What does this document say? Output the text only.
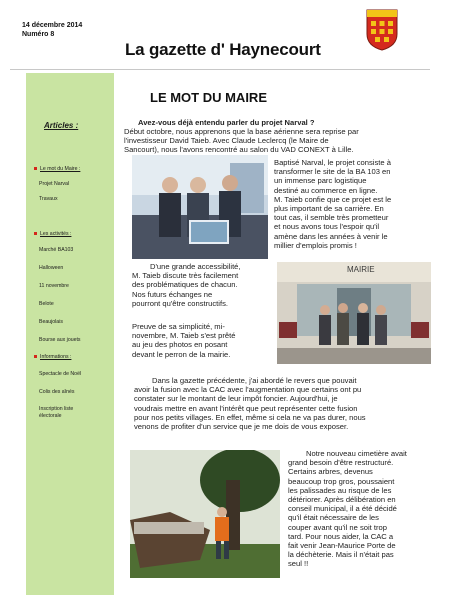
14 décembre 2014
Numéro 8
La gazette d' Haynecourt
Articles :
Le mot du Maire :
Projet Narval
Travaux
Les activités :
Marché BA103
Halloween
11 novembre
Belote
Beaujolais
Bourse aux jouets
Informations :
Spectacle de Noël
Colis des aînés
Inscription liste
électorale
LE MOT DU MAIRE
Avez-vous déjà entendu parler du projet Narval ?
Début octobre, nous apprenons que la base aérienne sera reprise par
l'investisseur David Taieb. Avec Claude Leclercq (le Maire de
Sancourt), nous l'avons rencontré au salon du VAD CONEXT à Lille.
Baptisé Narval, le projet consiste à
transformer le site de la BA 103 en
un immense parc logistique
destiné au commerce en ligne.
M. Taieb confie que ce projet est le
plus important de sa carrière. En
tout cas, il semble très prometteur
et nous avons tous l'espoir qu'il
amène dans les années à venir le
millier d'emplois promis !
D'une grande accessibilité,
M. Taieb discute très facilement
des problématiques de chacun.
Nos futurs échanges ne
pourront qu'être constructifs.
Preuve de sa simplicité, mi-
novembre, M. Taieb s'est prêté
au jeu des photos en posant
devant le perron de la mairie.
MAIRIE
Dans la gazette précédente, j'ai abordé le revers que pouvait
avoir la fusion avec la CAC avec l'augmentation que certains ont pu
constater sur le montant de leur impôt foncier. Aujourd'hui, je
voudrais mettre en avant l'intérêt que peut représenter cette fusion
pour nos petits villages. En effet, même si cela ne va pas durer, nous
venons de profiter d'un service que je me dois de vous exposer.
Notre nouveau cimetière avait
grand besoin d'être restructuré.
Certains arbres, devenus
beaucoup trop gros, poussaient
les palissades au risque de les
détériorer. Après délibération en
conseil municipal, il a été décidé
qu'il était nécessaire de les
couper avant qu'il ne soit trop
tard. Pour nous aider, la CAC a
fait venir Jean-Maurice Porte de
la déchèterie. Mais il n'était pas
seul !!
